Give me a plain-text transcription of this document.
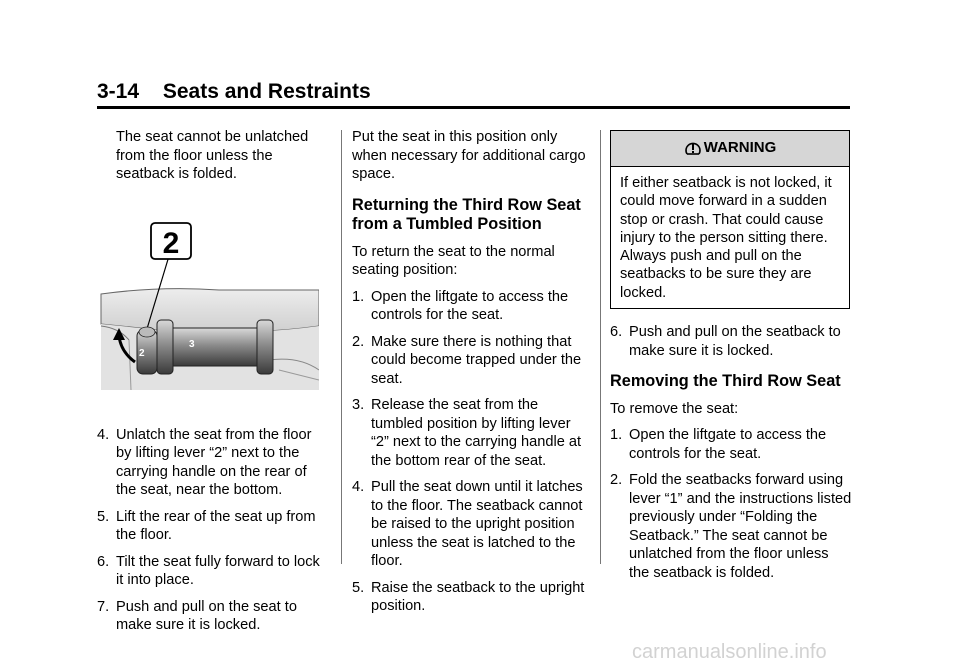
3-14 Seats and Restraints

The seat cannot be unlatched from the floor unless the seatback is folded.

2
2
3
4. Unlatch the seat from the floor by lifting lever “2” next to the carrying handle on the rear of the seat, near the bottom.
5. Lift the rear of the seat up from the floor.
6. Tilt the seat fully forward to lock it into place.
7. Push and pull on the seat to make sure it is locked.

Put the seat in this position only when necessary for additional cargo space.

Returning the Third Row Seat from a Tumbled Position

To return the seat to the normal seating position:

1. Open the liftgate to access the controls for the seat.
2. Make sure there is nothing that could become trapped under the seat.
3. Release the seat from the tumbled position by lifting lever “2” next to the carrying handle at the bottom rear of the seat.
4. Pull the seat down until it latches to the floor. The seatback cannot be raised to the upright position unless the seat is latched to the floor.
5. Raise the seatback to the upright position.
WARNING
If either seatback is not locked, it could move forward in a sudden stop or crash. That could cause injury to the person sitting there. Always push and pull on the seatbacks to be sure they are locked.
6. Push and pull on the seatback to make sure it is locked.
Removing the Third Row Seat

To remove the seat:

1. Open the liftgate to access the controls for the seat.
2. Fold the seatbacks forward using lever “1” and the instructions listed previously under “Folding the Seatback.” The seat cannot be unlatched from the floor unless the seatback is folded.
carmanualsonline.info
